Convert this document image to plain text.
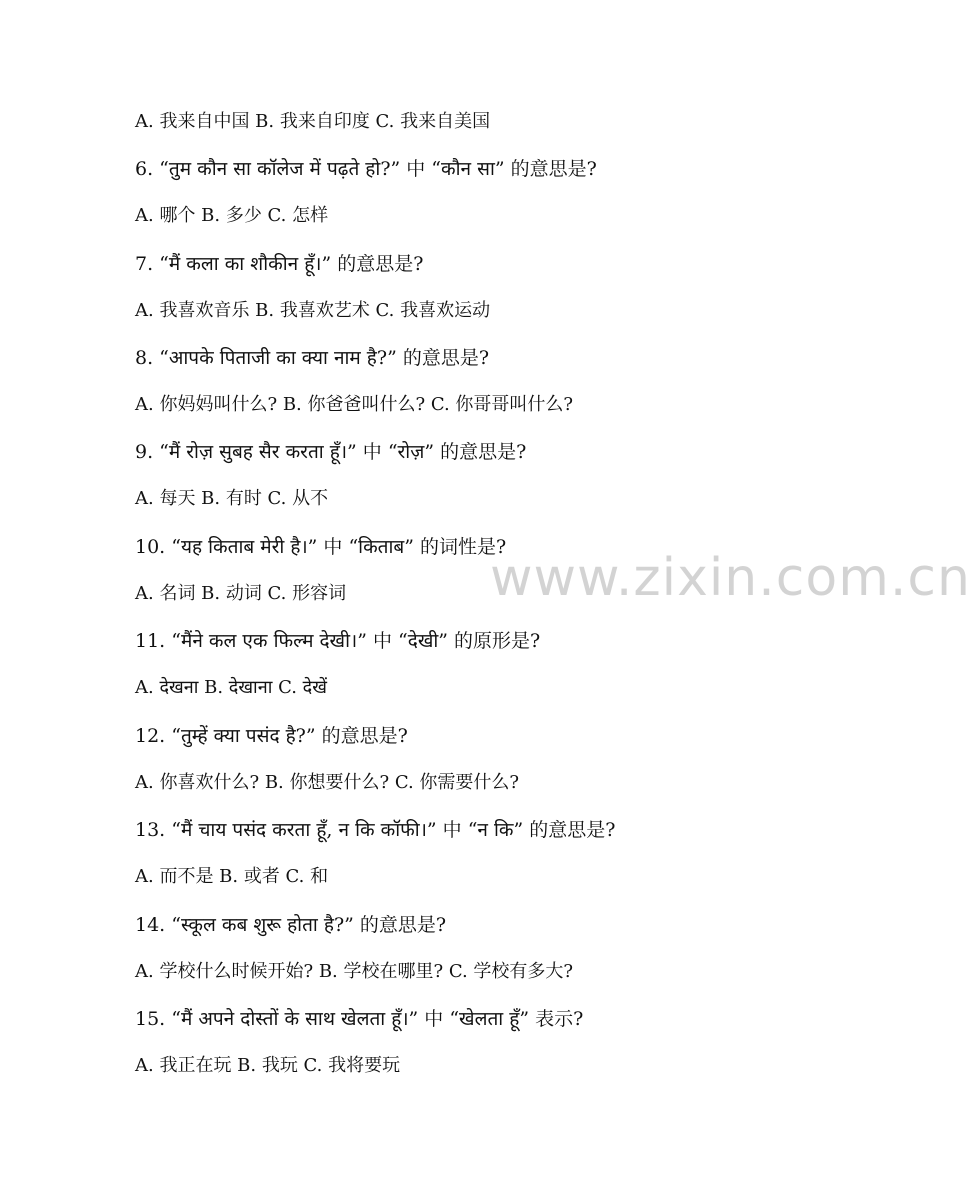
A. 我来自中国 B. 我来自印度 C. 我来自美国
6. “तुम कौन सा कॉलेज में पढ़ते हो?” 中 “कौन सा” 的意思是?
A. 哪个 B. 多少 C. 怎样
7. “मैं कला का शौकीन हूँ।” 的意思是?
A. 我喜欢音乐 B. 我喜欢艺术 C. 我喜欢运动
8. “आपके पिताजी का क्या नाम है?” 的意思是?
A. 你妈妈叫什么? B. 你爸爸叫什么? C. 你哥哥叫什么?
9. “मैं रोज़ सुबह सैर करता हूँ।” 中 “रोज़” 的意思是?
A. 每天 B. 有时 C. 从不
10. “यह किताब मेरी है।” 中 “किताब” 的词性是?
A. 名词 B. 动词 C. 形容词
11. “मैंने कल एक फिल्म देखी।” 中 “देखी” 的原形是?
A. देखना B. देखाना C. देखें
12. “तुम्हें क्या पसंद है?” 的意思是?
A. 你喜欢什么? B. 你想要什么? C. 你需要什么?
13. “मैं चाय पसंद करता हूँ, न कि कॉफी।” 中 “न कि” 的意思是?
A. 而不是 B. 或者 C. 和
14. “स्कूल कब शुरू होता है?” 的意思是?
A. 学校什么时候开始? B. 学校在哪里? C. 学校有多大?
15. “मैं अपने दोस्तों के साथ खेलता हूँ।” 中 “खेलता हूँ” 表示?
A. 我正在玩 B. 我玩 C. 我将要玩
www.zixin.com.cn
